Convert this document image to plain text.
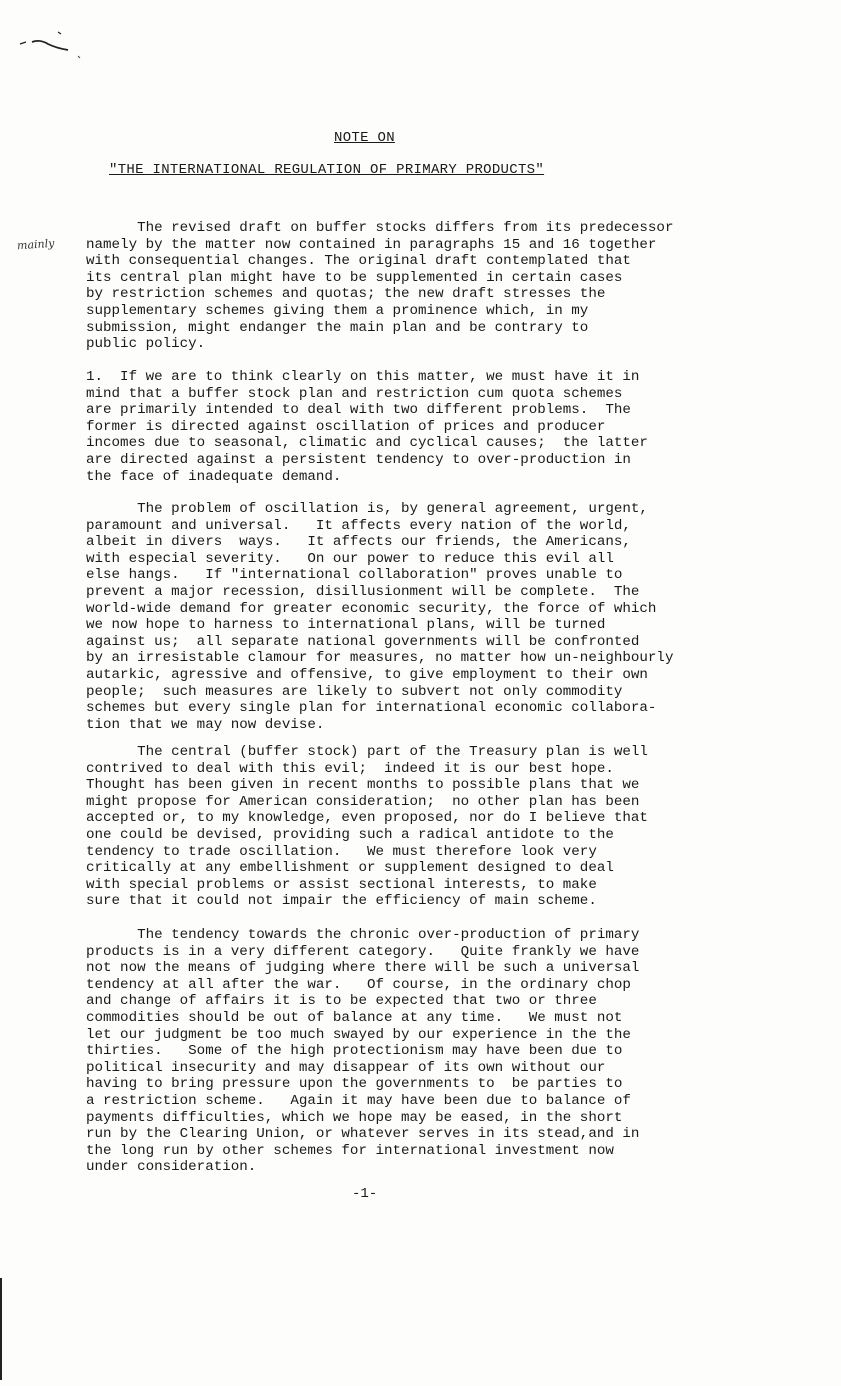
NOTE ON
"THE INTERNATIONAL REGULATION OF PRIMARY PRODUCTS"
mainly
The revised draft on buffer stocks differs from its predecessor
namely by the matter now contained in paragraphs 15 and 16 together
with consequential changes. The original draft contemplated that
its central plan might have to be supplemented in certain cases
by restriction schemes and quotas; the new draft stresses the
supplementary schemes giving them a prominence which, in my
submission, might endanger the main plan and be contrary to
public policy.
1.  If we are to think clearly on this matter, we must have it in
mind that a buffer stock plan and restriction cum quota schemes
are primarily intended to deal with two different problems.  The
former is directed against oscillation of prices and producer
incomes due to seasonal, climatic and cyclical causes;  the latter
are directed against a persistent tendency to over-production in
the face of inadequate demand.
The problem of oscillation is, by general agreement, urgent,
paramount and universal.   It affects every nation of the world,
albeit in divers  ways.   It affects our friends, the Americans,
with especial severity.   On our power to reduce this evil all
else hangs.   If "international collaboration" proves unable to
prevent a major recession, disillusionment will be complete.  The
world-wide demand for greater economic security, the force of which
we now hope to harness to international plans, will be turned
against us;  all separate national governments will be confronted
by an irresistable clamour for measures, no matter how un-neighbourly
autarkic, agressive and offensive, to give employment to their own
people;  such measures are likely to subvert not only commodity
schemes but every single plan for international economic collabora-
tion that we may now devise.
The central (buffer stock) part of the Treasury plan is well
contrived to deal with this evil;  indeed it is our best hope.
Thought has been given in recent months to possible plans that we
might propose for American consideration;  no other plan has been
accepted or, to my knowledge, even proposed, nor do I believe that
one could be devised, providing such a radical antidote to the
tendency to trade oscillation.   We must therefore look very
critically at any embellishment or supplement designed to deal
with special problems or assist sectional interests, to make
sure that it could not impair the efficiency of main scheme.
The tendency towards the chronic over-production of primary
products is in a very different category.   Quite frankly we have
not now the means of judging where there will be such a universal
tendency at all after the war.   Of course, in the ordinary chop
and change of affairs it is to be expected that two or three
commodities should be out of balance at any time.   We must not
let our judgment be too much swayed by our experience in the the
thirties.   Some of the high protectionism may have been due to
political insecurity and may disappear of its own without our
having to bring pressure upon the governments to  be parties to
a restriction scheme.   Again it may have been due to balance of
payments difficulties, which we hope may be eased, in the short
run by the Clearing Union, or whatever serves in its stead,and in
the long run by other schemes for international investment now
under consideration.
-1-
